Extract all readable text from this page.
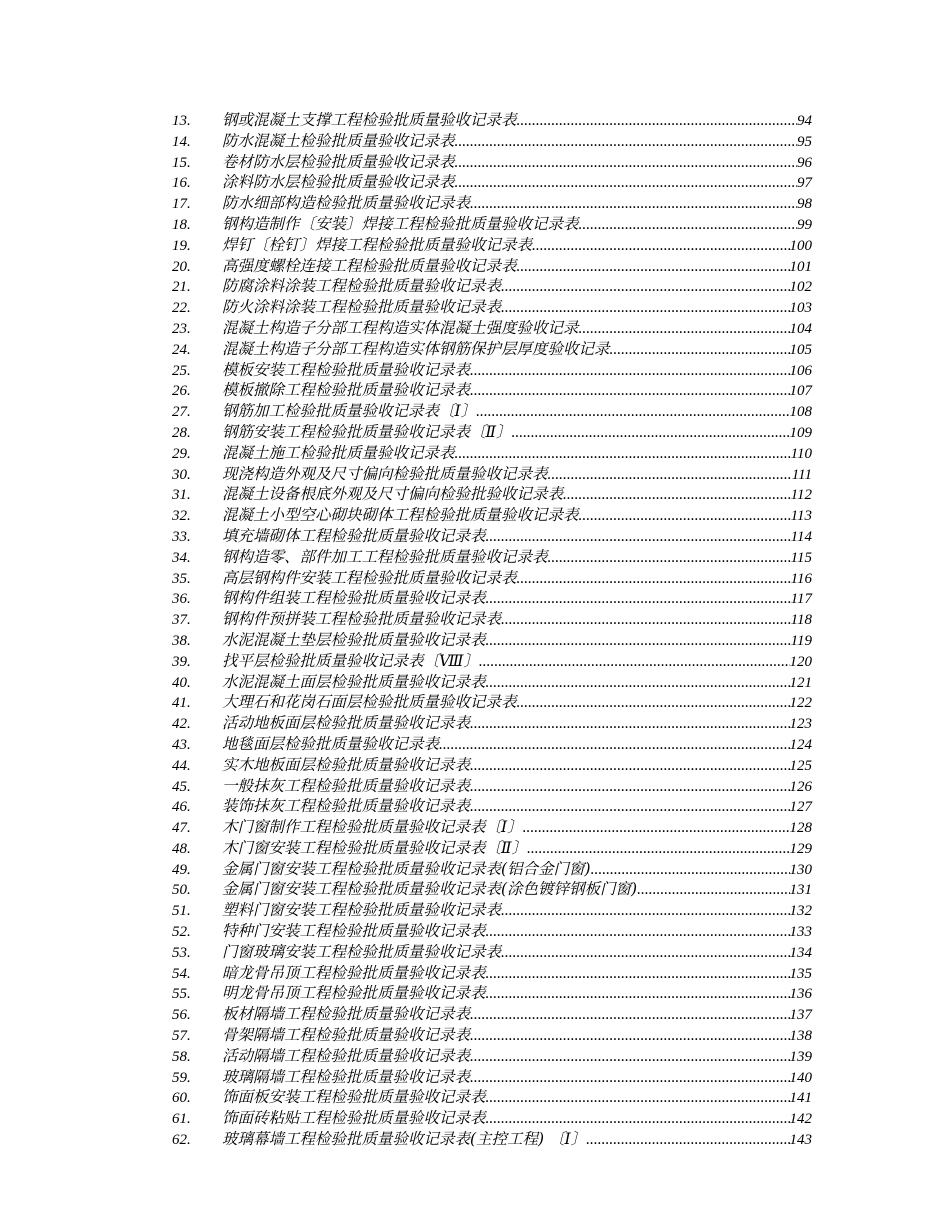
13.	钢或混凝土支撑工程检验批质量验收记录表 .....	94
14.	防水混凝土检验批质量验收记录表 .....	95
15.	卷材防水层检验批质量验收记录表 .....	96
16.	涂料防水层检验批质量验收记录表 .....	97
17.	防水细部构造检验批质量验收记录表 .....	98
18.	钢构造制作〔安装〕焊接工程检验批质量验收记录表 .....	99
19.	焊钉〔栓钉〕焊接工程检验批质量验收记录表 .....	100
20.	高强度螺栓连接工程检验批质量验收记录表 .....	101
21.	防腐涂料涂装工程检验批质量验收记录表 .....	102
22.	防火涂料涂装工程检验批质量验收记录表 .....	103
23.	混凝土构造子分部工程构造实体混凝土强度验收记录 .....	104
24.	混凝土构造子分部工程构造实体钢筋保护层厚度验收记录 .....	105
25.	模板安装工程检验批质量验收记录表 .....	106
26.	模板撤除工程检验批质量验收记录表 .....	107
27.	钢筋加工检验批质量验收记录表〔Ⅰ〕 .....	108
28.	钢筋安装工程检验批质量验收记录表〔Ⅱ〕 .....	109
29.	混凝土施工检验批质量验收记录表 .....	110
30.	现浇构造外观及尺寸偏向检验批质量验收记录表 .....	111
31.	混凝土设备根底外观及尺寸偏向检验批验收记录表 .....	112
32.	混凝土小型空心砌块砌体工程检验批质量验收记录表 .....	113
33.	填充墙砌体工程检验批质量验收记录表 .....	114
34.	钢构造零、部件加工工程检验批质量验收记录表 .....	115
35.	高层钢构件安装工程检验批质量验收记录表 .....	116
36.	钢构件组装工程检验批质量验收记录表 .....	117
37.	钢构件预拼装工程检验批质量验收记录表 .....	118
38.	水泥混凝土垫层检验批质量验收记录表 .....	119
39.	找平层检验批质量验收记录表〔Ⅷ〕 .....	120
40.	水泥混凝土面层检验批质量验收记录表 .....	121
41.	大理石和花岗石面层检验批质量验收记录表 .....	122
42.	活动地板面层检验批质量验收记录表 .....	123
43.	地毯面层检验批质量验收记录表 .....	124
44.	实木地板面层检验批质量验收记录表 .....	125
45.	一般抹灰工程检验批质量验收记录表 .....	126
46.	装饰抹灰工程检验批质量验收记录表 .....	127
47.	木门窗制作工程检验批质量验收记录表〔Ⅰ〕 .....	128
48.	木门窗安装工程检验批质量验收记录表〔Ⅱ〕 .....	129
49.	金属门窗安装工程检验批质量验收记录表(铝合金门窗) .....	130
50.	金属门窗安装工程检验批质量验收记录表(涂色镀锌钢板门窗) .....	131
51.	塑料门窗安装工程检验批质量验收记录表 .....	132
52.	特种门安装工程检验批质量验收记录表 .....	133
53.	门窗玻璃安装工程检验批质量验收记录表 .....	134
54.	暗龙骨吊顶工程检验批质量验收记录表 .....	135
55.	明龙骨吊顶工程检验批质量验收记录表 .....	136
56.	板材隔墙工程检验批质量验收记录表 .....	137
57.	骨架隔墙工程检验批质量验收记录表 .....	138
58.	活动隔墙工程检验批质量验收记录表 .....	139
59.	玻璃隔墙工程检验批质量验收记录表 .....	140
60.	饰面板安装工程检验批质量验收记录表 .....	141
61.	饰面砖粘贴工程检验批质量验收记录表 .....	142
62.	玻璃幕墙工程检验批质量验收记录表(主控工程) 〔Ⅰ〕 .....	143
